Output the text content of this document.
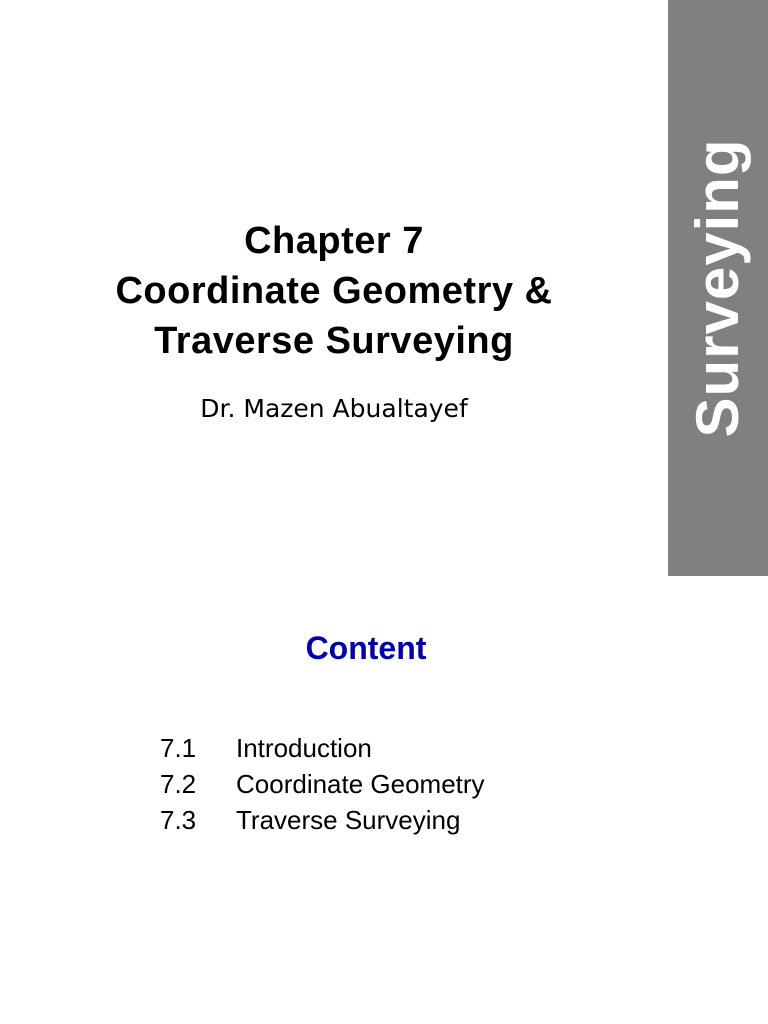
Surveying
Chapter 7
Coordinate Geometry &
Traverse Surveying
Dr. Mazen Abualtayef
Content
7.1	Introduction
7.2	Coordinate Geometry
7.3	Traverse Surveying
